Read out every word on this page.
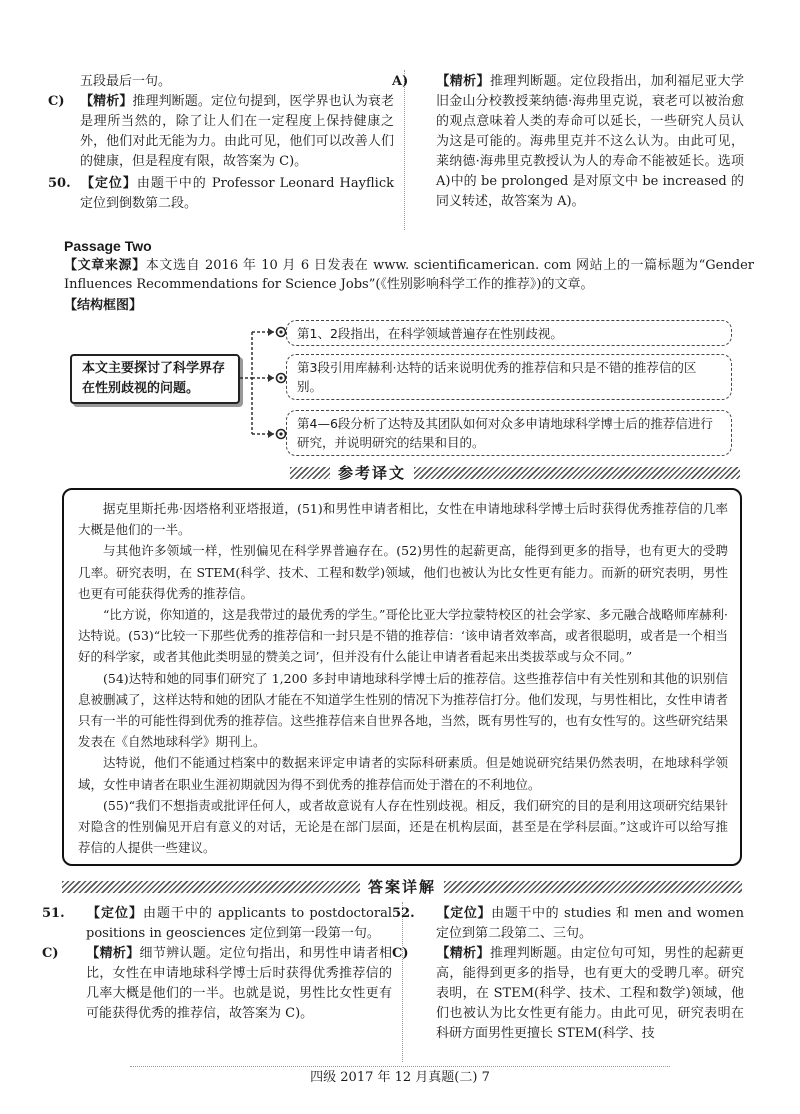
五段最后一句。
C) 【精析】推理判断题。定位句提到，医学界也认为衰老是理所当然的，除了让人们在一定程度上保持健康之外，他们对此无能为力。由此可见，他们可以改善人们的健康，但是程度有限，故答案为 C)。
50. 【定位】由题干中的 Professor Leonard Hayflick 定位到倒数第二段。
A) 【精析】推理判断题。定位段指出，加利福尼亚大学旧金山分校教授莱纳德·海弗里克说，衰老可以被治愈的观点意味着人类的寿命可以延长，一些研究人员认为这是可能的。海弗里克并不这么认为。由此可见，莱纳德·海弗里克教授认为人的寿命不能被延长。选项 A)中的 be prolonged 是对原文中 be increased 的同义转述，故答案为 A)。
Passage Two
【文章来源】本文选自 2016 年 10 月 6 日发表在 www. scientificamerican. com 网站上的一篇标题为“Gender Influences Recommendations for Science Jobs”(《性别影响科学工作的推荐》)的文章。
【结构框图】
本文主要探讨了科学界存在性别歧视的问题。
第1、2段指出，在科学领域普遍存在性别歧视。
第3段引用库赫利·达特的话来说明优秀的推荐信和只是不错的推荐信的区别。
第4—6段分析了达特及其团队如何对众多申请地球科学博士后的推荐信进行研究，并说明研究的结果和目的。
参考译文

据克里斯托弗·因塔格利亚塔报道，(51)和男性申请者相比，女性在申请地球科学博士后时获得优秀推荐信的几率大概是他们的一半。

与其他许多领域一样，性别偏见在科学界普遍存在。(52)男性的起薪更高，能得到更多的指导，也有更大的受聘几率。研究表明，在 STEM(科学、技术、工程和数学)领域，他们也被认为比女性更有能力。而新的研究表明，男性也更有可能获得优秀的推荐信。

“比方说，你知道的，这是我带过的最优秀的学生。”哥伦比亚大学拉蒙特校区的社会学家、多元融合战略师库赫利·达特说。(53)“比较一下那些优秀的推荐信和一封只是不错的推荐信：‘该申请者效率高，或者很聪明，或者是一个相当好的科学家，或者其他此类明显的赞美之词’，但并没有什么能让申请者看起来出类拔萃或与众不同。”

(54)达特和她的同事们研究了 1,200 多封申请地球科学博士后的推荐信。这些推荐信中有关性别和其他的识别信息被删减了，这样达特和她的团队才能在不知道学生性别的情况下为推荐信打分。他们发现，与男性相比，女性申请者只有一半的可能性得到优秀的推荐信。这些推荐信来自世界各地，当然，既有男性写的，也有女性写的。这些研究结果发表在《自然地球科学》期刊上。

达特说，他们不能通过档案中的数据来评定申请者的实际科研素质。但是她说研究结果仍然表明，在地球科学领域，女性申请者在职业生涯初期就因为得不到优秀的推荐信而处于潜在的不利地位。

(55)“我们不想指责或批评任何人，或者故意说有人存在性别歧视。相反，我们研究的目的是利用这项研究结果针对隐含的性别偏见开启有意义的对话，无论是在部门层面，还是在机构层面，甚至是在学科层面。”这或许可以给写推荐信的人提供一些建议。

答案详解
51. 【定位】由题干中的 applicants to postdoctoral positions in geosciences 定位到第一段第一句。
C) 【精析】细节辨认题。定位句指出，和男性申请者相比，女性在申请地球科学博士后时获得优秀推荐信的几率大概是他们的一半。也就是说，男性比女性更有可能获得优秀的推荐信，故答案为 C)。
52. 【定位】由题干中的 studies 和 men and women 定位到第二段第二、三句。
C) 【精析】推理判断题。由定位句可知，男性的起薪更高，能得到更多的指导，也有更大的受聘几率。研究表明，在 STEM(科学、技术、工程和数学)领域，他们也被认为比女性更有能力。由此可见，研究表明在科研方面男性更擅长 STEM(科学、技
四级 2017 年 12 月真题(二) 7
